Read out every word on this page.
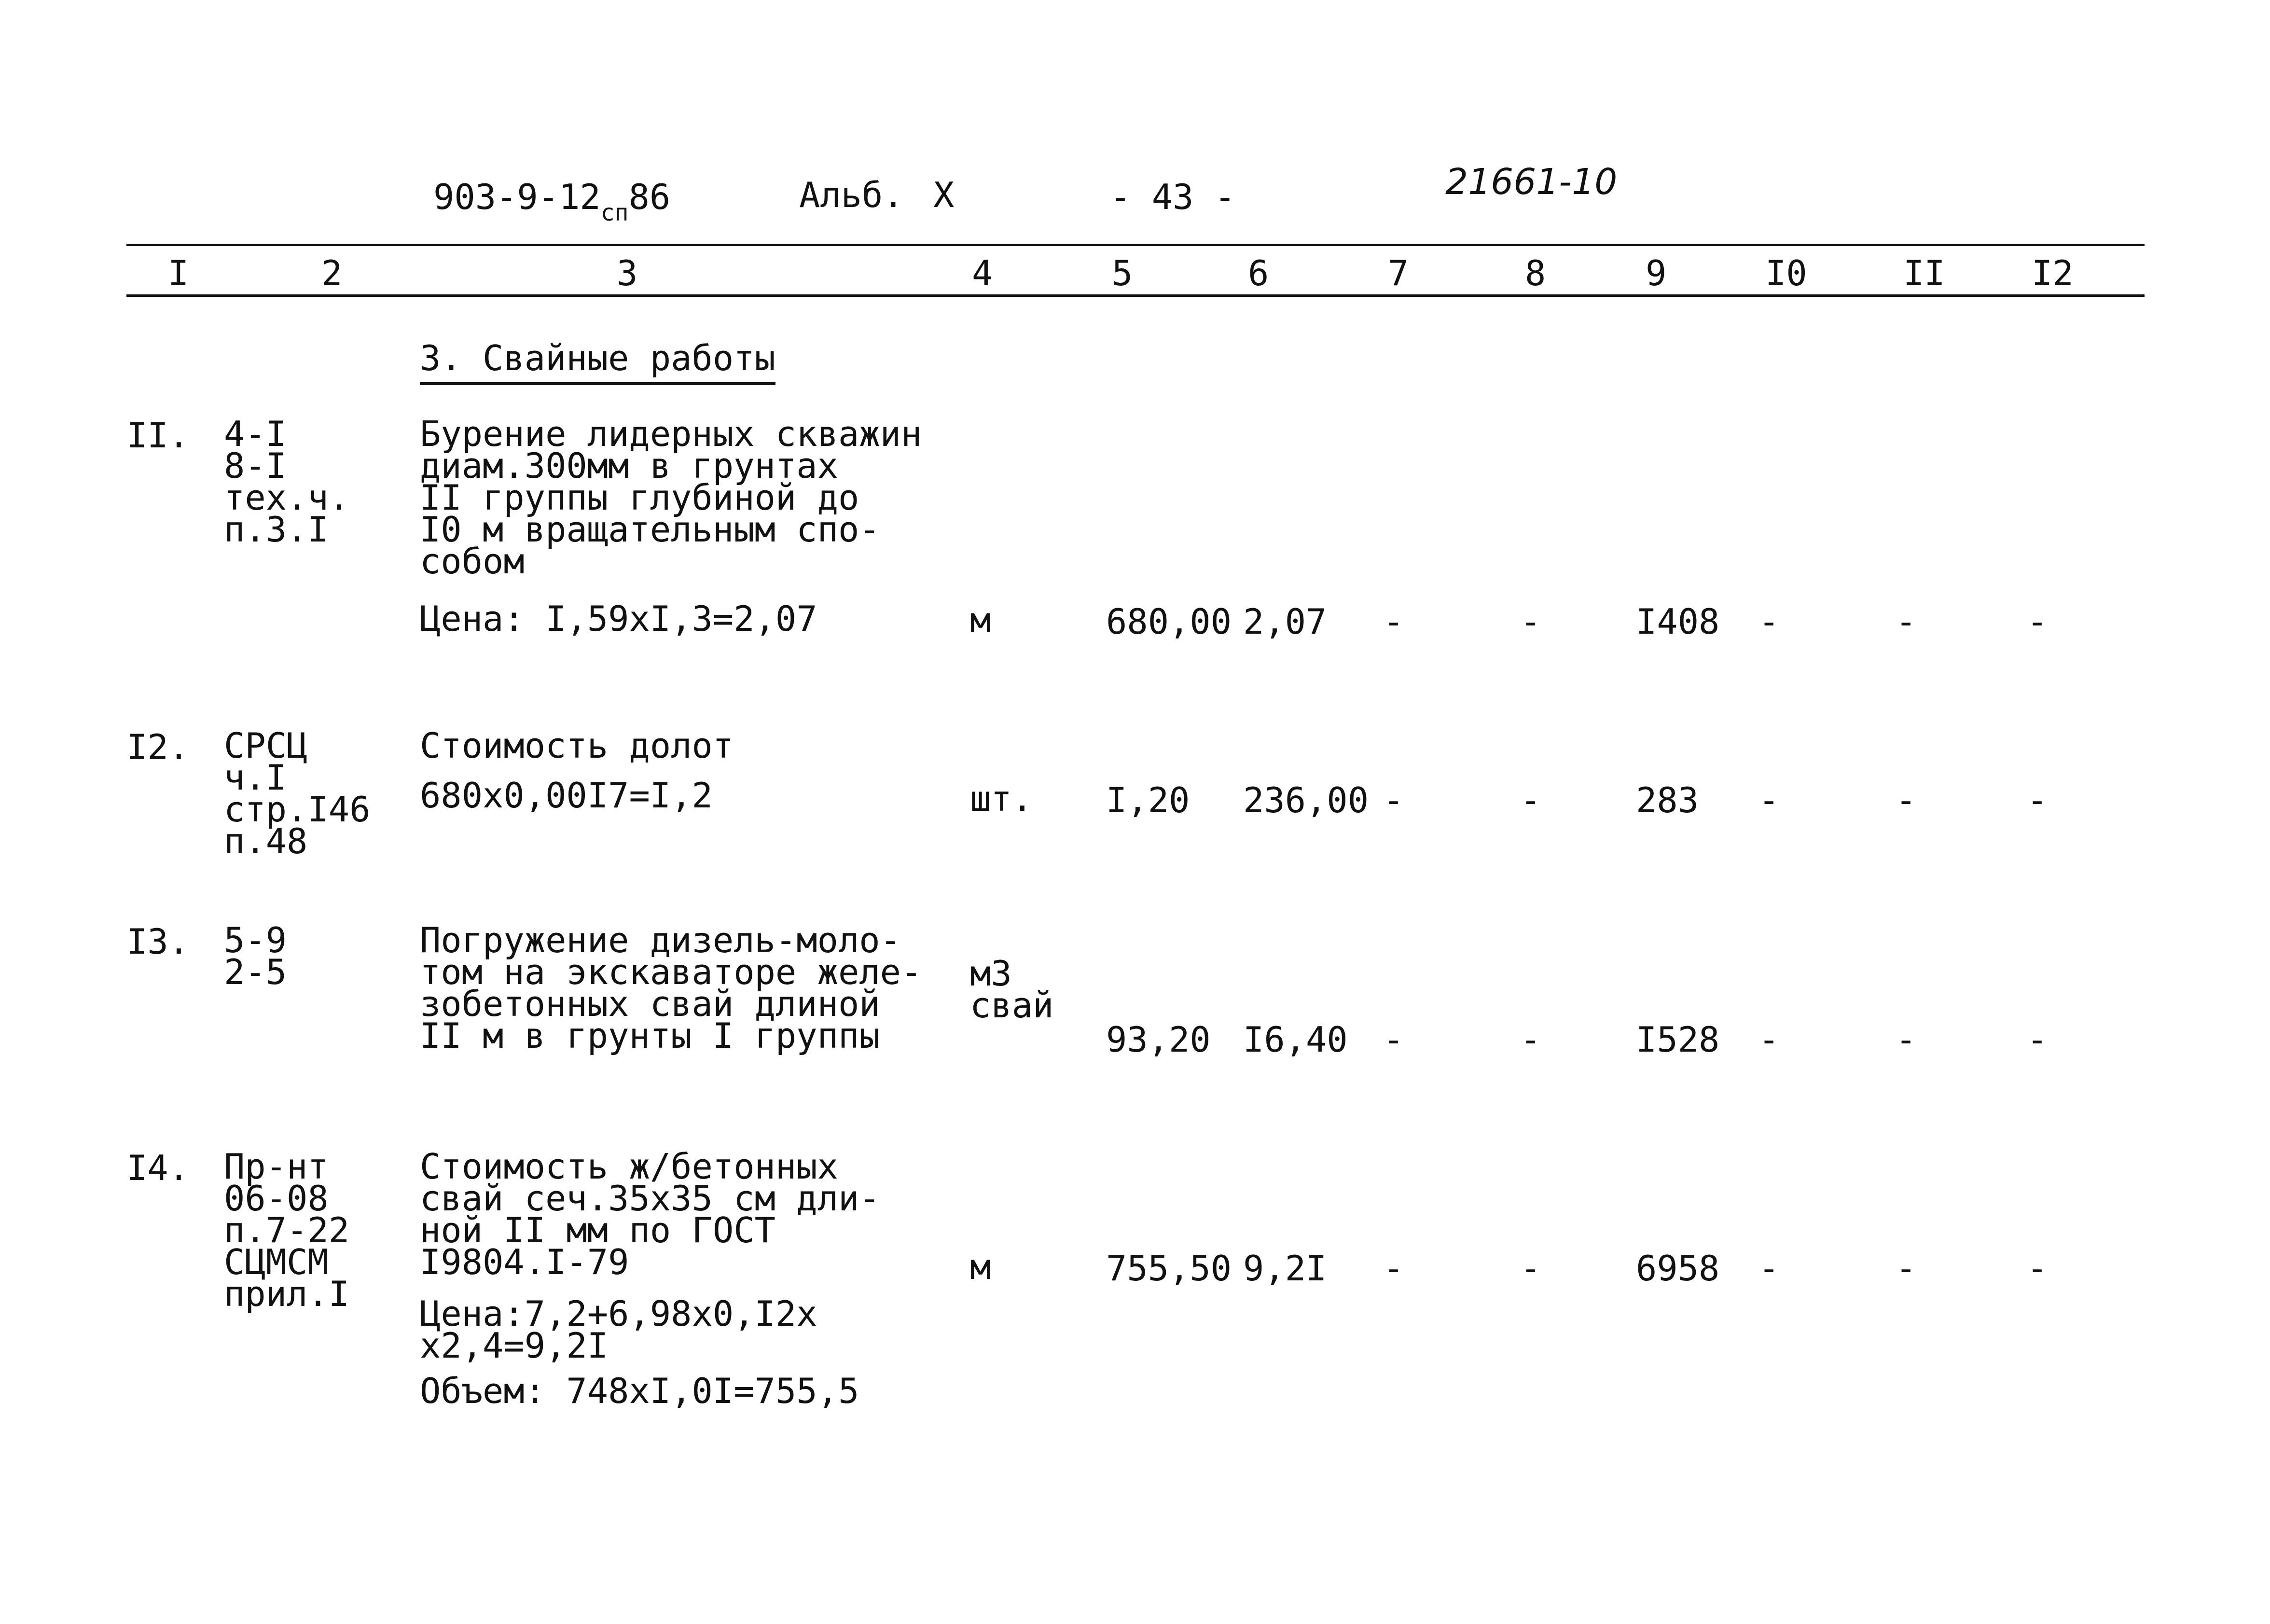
$903-9-12_{сп}86$	Альб. X	- 43 -	21661-10
I	2	3	4	5	6	7	8	9	I0	II I2
3. Свайные работы
II. 4-I
8-I
тех.ч.
п.3.I
Бурение лидерных скважин
диам.300мм в грунтах
II группы глубиной до
I0 м вращательным спо-
собом
Цена: I,59хI,3=2,07	м	680,00 2,07 -	-	I408 -	-	-
I2. СРСЦ
ч.I
стр.I46
п.48
Стоимость долот
680х0,00I7=I,2	шт. I,20 236,00 -	-	283 -	-	-
I3. 5-9
2-5
Погружение дизель-моло-
том на экскаваторе желе-
зобетонных свай длиной
II м в грунты I группы
м3
свай
93,20 I6,40 -	-	I528 -	-	-
I4. Пр-нт
06-08
п.7-22
СЦМСМ
прил.I
Стоимость ж/бетонных
свай сеч.35х35 см дли-
ной II мм по ГОСТ
I9804.I-79
Цена:7,2+6,98х0,I2х
х2,4=9,2I
Объем: 748хI,0I=755,5
м	755,50 9,2I -	-	6958 -	-	-
